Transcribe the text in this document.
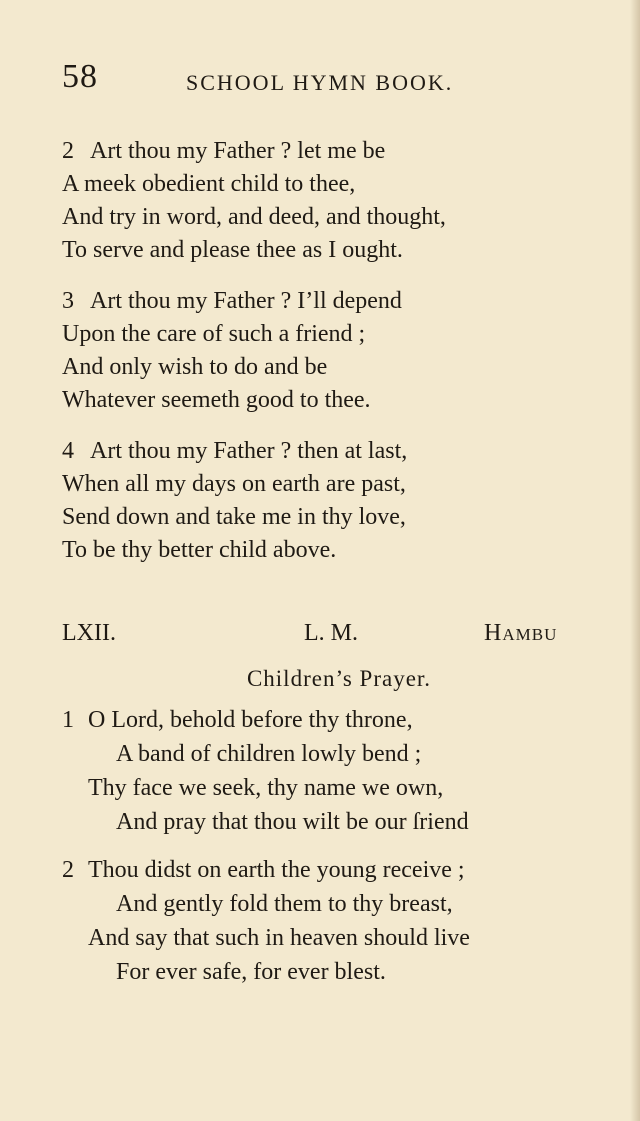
58	SCHOOL HYMN BOOK.
2 Art thou my Father ? let me be
A meek obedient child to thee,
And try in word, and deed, and thought,
To serve and please thee as I ought.
3 Art thou my Father ? I’ll depend
Upon the care of such a friend ;
And only wish to do and be
Whatever seemeth good to thee.
4 Art thou my Father ? then at last,
When all my days on earth are past,
Send down and take me in thy love,
To be thy better child above.
LXII.	L. M.	Hambu
Children’s Prayer.
1 O Lord, behold before thy throne,
A band of children lowly bend ;
Thy face we seek, thy name we own,
And pray that thou wilt be our ſriend
2 Thou didst on earth the young receive ;
And gently fold them to thy breast,
And say that such in heaven should live
For ever safe, for ever blest.
